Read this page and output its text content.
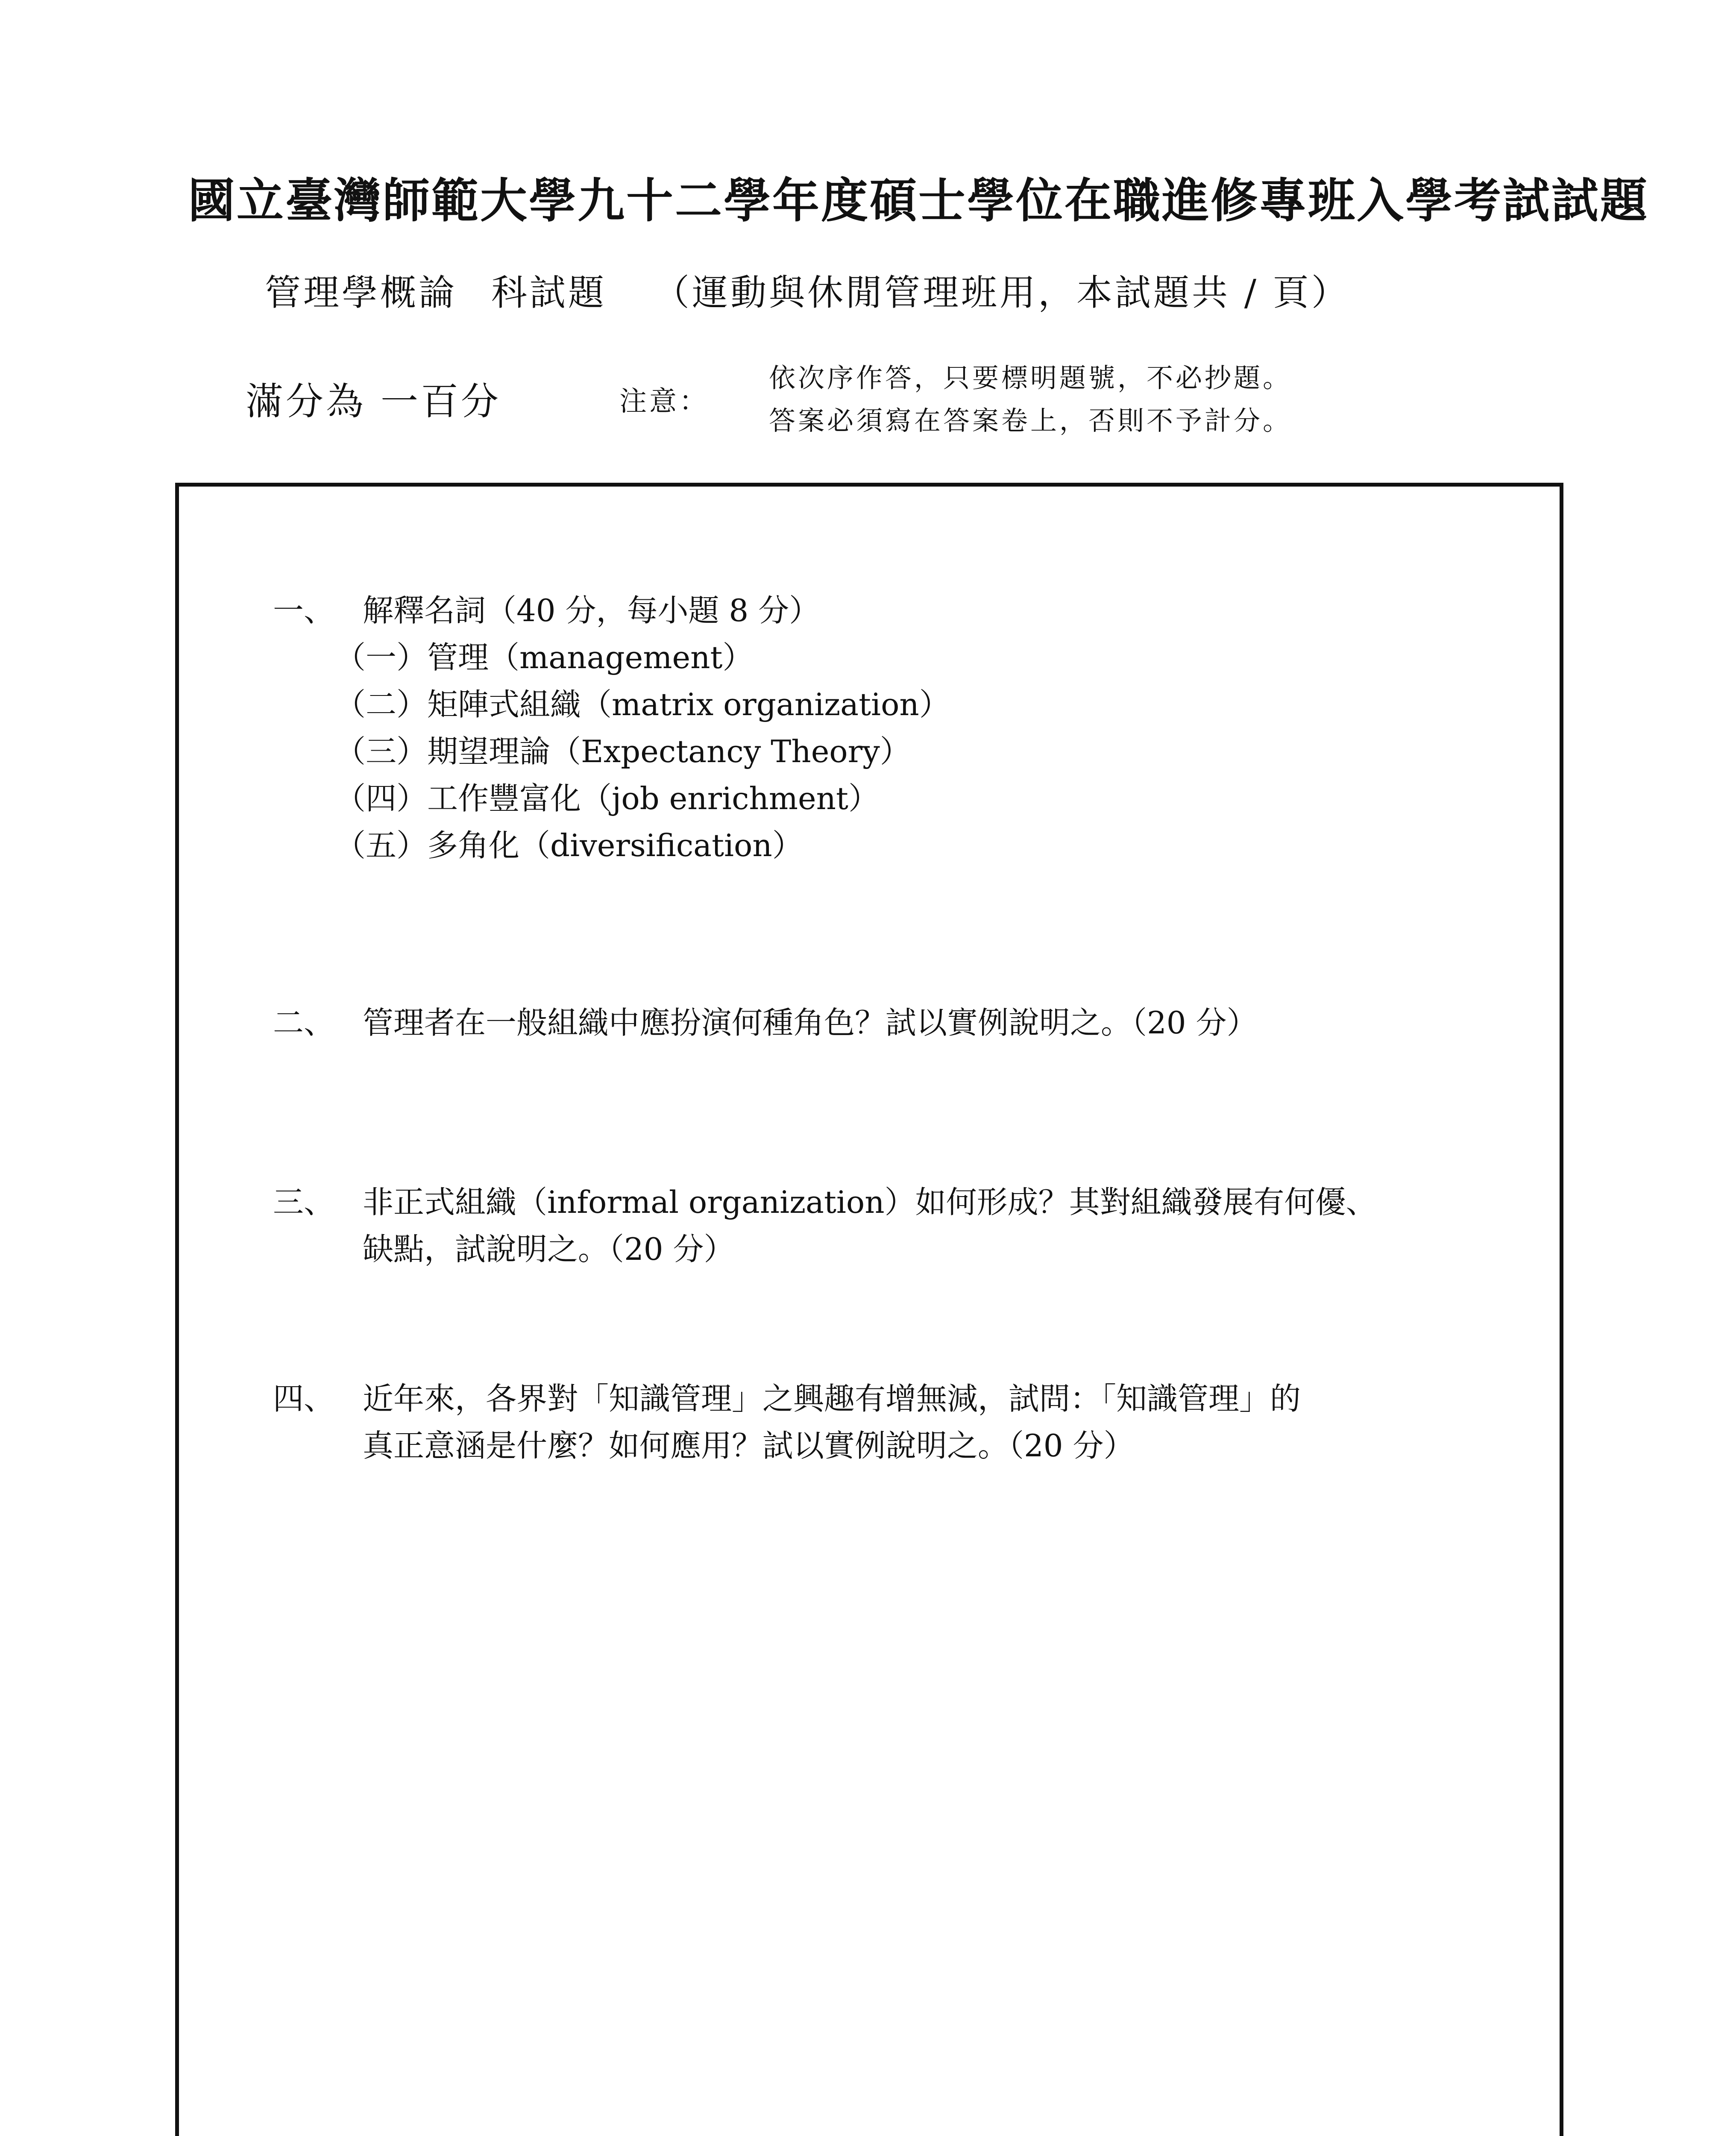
國立臺灣師範大學九十二學年度碩士學位在職進修專班入學考試試題
管理學概論 科試題 （運動與休閒管理班用，本試題共 / 頁）
滿分為 一百分	注意：
依次序作答，只要標明題號，不必抄題。
答案必須寫在答案卷上，否則不予計分。
一、 解釋名詞（40 分，每小題 8 分）
（一）管理（management）
（二）矩陣式組織（matrix organization）
（三）期望理論（Expectancy Theory）
（四）工作豐富化（job enrichment）
（五）多角化（diversification）
二、 管理者在一般組織中應扮演何種角色？試以實例說明之。（20 分）
三、 非正式組織（informal organization）如何形成？其對組織發展有何優、
缺點，試說明之。（20 分）
四、 近年來，各界對「知識管理」之興趣有增無減，試問：「知識管理」的
真正意涵是什麼？如何應用？試以實例說明之。（20 分）
